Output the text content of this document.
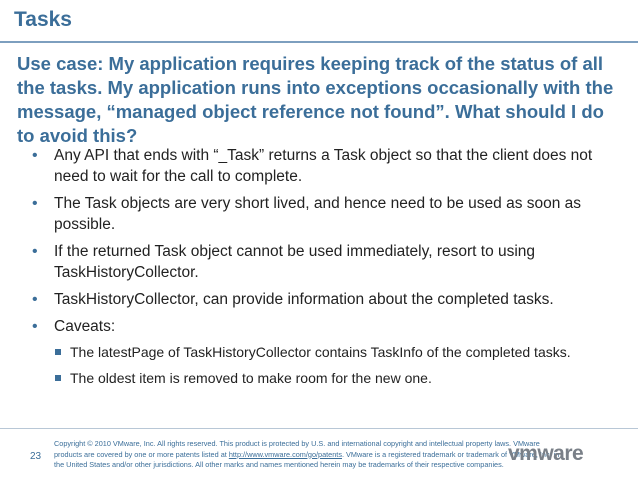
Tasks
Use case: My application requires keeping track of the status of all the tasks. My application runs into exceptions occasionally with the message, “managed object reference not found”. What should I do to avoid this?
• Any API that ends with “_Task” returns a Task object so that the client does not need to wait for the call to complete.
• The Task objects are very short lived, and hence need to be used as soon as possible.
• If the returned Task object cannot be used immediately, resort to using TaskHistoryCollector.
• TaskHistoryCollector, can provide information about the completed tasks.
• Caveats:
The latestPage of TaskHistoryCollector contains TaskInfo of the completed tasks.
The oldest item is removed to make room for the new one.
23
Copyright © 2010 VMware, Inc. All rights reserved. This product is protected by U.S. and international copyright and intellectual property laws. VMware products are covered by one or more patents listed at http://www.vmware.com/go/patents. VMware is a registered trademark or trademark of VMware, Inc. in the United States and/or other jurisdictions. All other marks and names mentioned herein may be trademarks of their respective companies. vmware
